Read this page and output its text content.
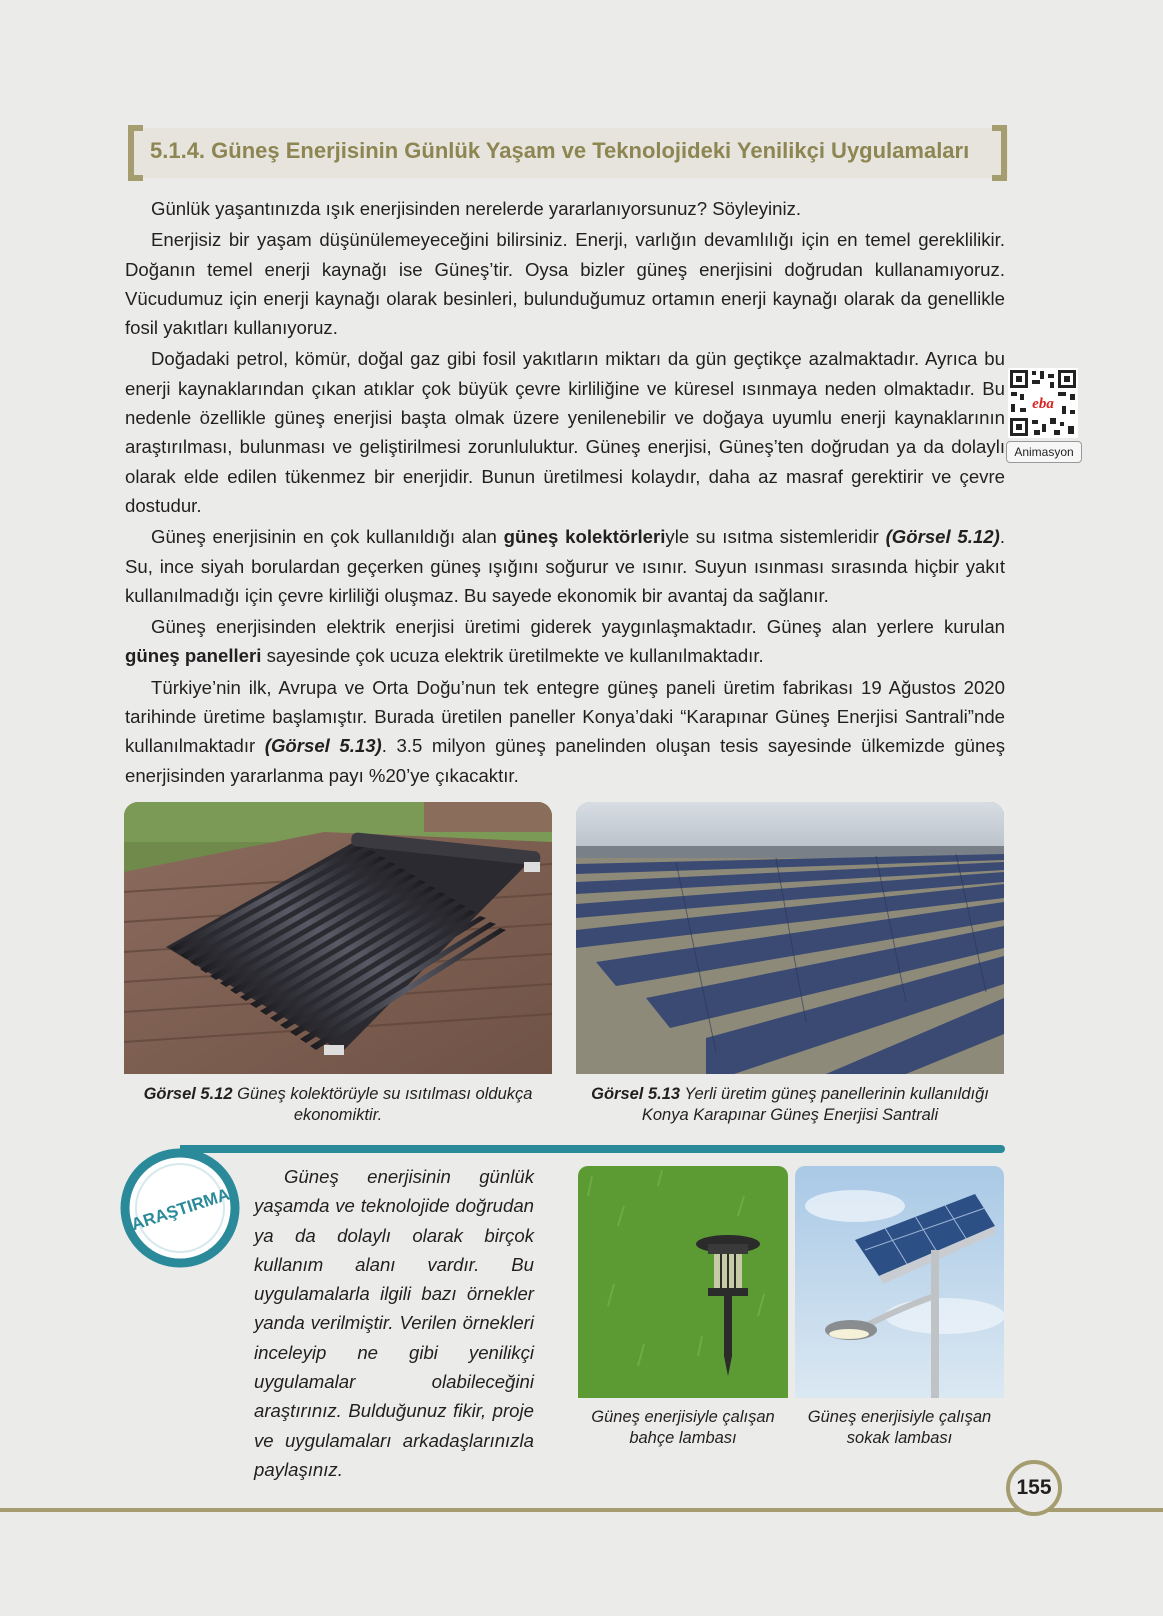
5.1.4. Güneş Enerjisinin Günlük Yaşam ve Teknolojideki Yenilikçi Uygulamaları

Günlük yaşantınızda ışık enerjisinden nerelerde yararlanıyorsunuz? Söyleyiniz.

Enerjisiz bir yaşam düşünülemeyeceğini bilirsiniz. Enerji, varlığın devamlılığı için en temel gereklilikir. Doğanın temel enerji kaynağı ise Güneş’tir. Oysa bizler güneş enerjisini doğrudan kullanamıyoruz. Vücudumuz için enerji kaynağı olarak besinleri, bulunduğumuz ortamın enerji kaynağı olarak da genellikle fosil yakıtları kullanıyoruz.

Doğadaki petrol, kömür, doğal gaz gibi fosil yakıtların miktarı da gün geçtikçe azalmaktadır. Ayrıca bu enerji kaynaklarından çıkan atıklar çok büyük çevre kirliliğine ve küresel ısınmaya neden olmaktadır. Bu nedenle özellikle güneş enerjisi başta olmak üzere yenilenebilir ve doğaya uyumlu enerji kaynaklarının araştırılması, bulunması ve geliştirilmesi zorunluluktur. Güneş enerjisi, Güneş’ten doğrudan ya da dolaylı olarak elde edilen tükenmez bir enerjidir. Bunun üretilmesi kolaydır, daha az masraf gerektirir ve çevre dostudur.

Güneş enerjisinin en çok kullanıldığı alan güneş kolektörleriyle su ısıtma sistemleridir (Görsel 5.12). Su, ince siyah borulardan geçerken güneş ışığını soğurur ve ısınır. Suyun ısınması sırasında hiçbir yakıt kullanılmadığı için çevre kirliliği oluşmaz. Bu sayede ekonomik bir avantaj da sağlanır.

Güneş enerjisinden elektrik enerjisi üretimi giderek yaygınlaşmaktadır. Güneş alan yerlere kurulan güneş panelleri sayesinde çok ucuza elektrik üretilmekte ve kullanılmaktadır.

Türkiye’nin ilk, Avrupa ve Orta Doğu’nun tek entegre güneş paneli üretim fabrikası 19 Ağustos 2020 tarihinde üretime başlamıştır. Burada üretilen paneller Konya’daki “Karapınar Güneş Enerjisi Santrali”nde kullanılmaktadır (Görsel 5.13). 3.5 milyon güneş panelinden oluşan tesis sayesinde ülkemizde güneş enerjisinden yararlanma payı %20’ye çıkacaktır.

eba
Animasyon
Görsel 5.12 Güneş kolektörüyle su ısıtılması oldukça ekonomiktir.
Görsel 5.13 Yerli üretim güneş panellerinin kullanıldığı Konya Karapınar Güneş Enerjisi Santrali
ARAŞTIRMA

Güneş enerjisinin günlük yaşamda ve teknolojide doğrudan ya da dolaylı olarak birçok kullanım alanı vardır. Bu uygulamalarla ilgili bazı örnekler yanda verilmiştir. Verilen örnekleri inceleyip ne gibi yenilikçi uygulamalar olabileceğini araştırınız. Bulduğunuz fikir, proje ve uygulamaları arkadaşlarınızla paylaşınız.

Güneş enerjisiyle çalışan bahçe lambası
Güneş enerjisiyle çalışan sokak lambası
155
